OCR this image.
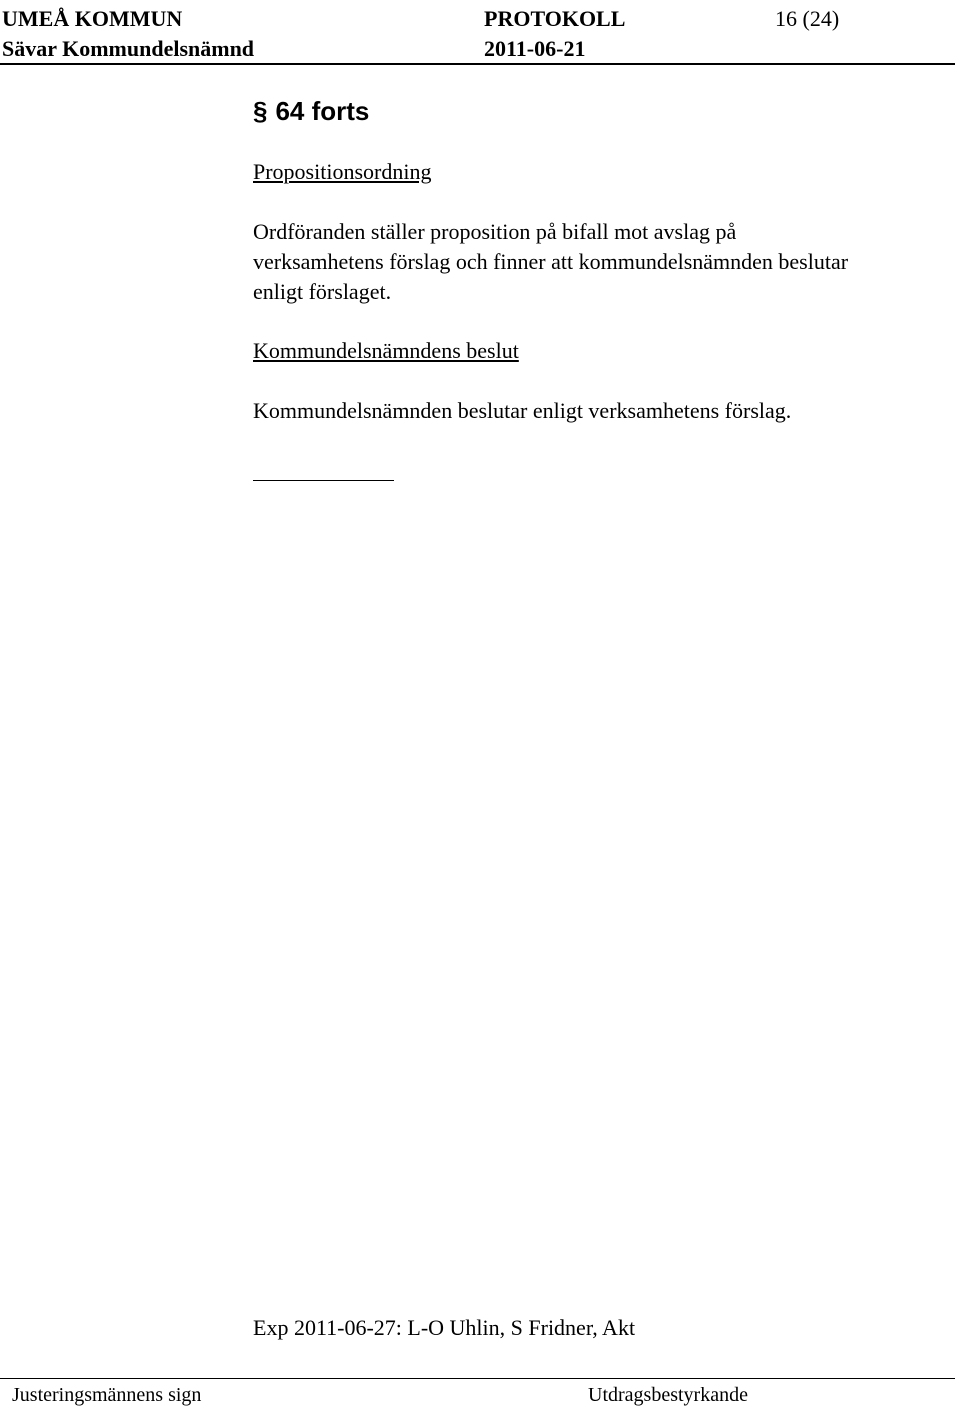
UMEÅ KOMMUN	PROTOKOLL	16 (24)
Sävar Kommundelsnämnd	2011-06-21
§ 64 forts
Propositionsordning
Ordföranden ställer proposition på bifall mot avslag på
verksamhetens förslag och finner att kommundelsnämnden beslutar
enligt förslaget.
Kommundelsnämndens beslut
Kommundelsnämnden beslutar enligt verksamhetens förslag.
Exp 2011-06-27: L-O Uhlin, S Fridner, Akt
Justeringsmännens sign	Utdragsbestyrkande
